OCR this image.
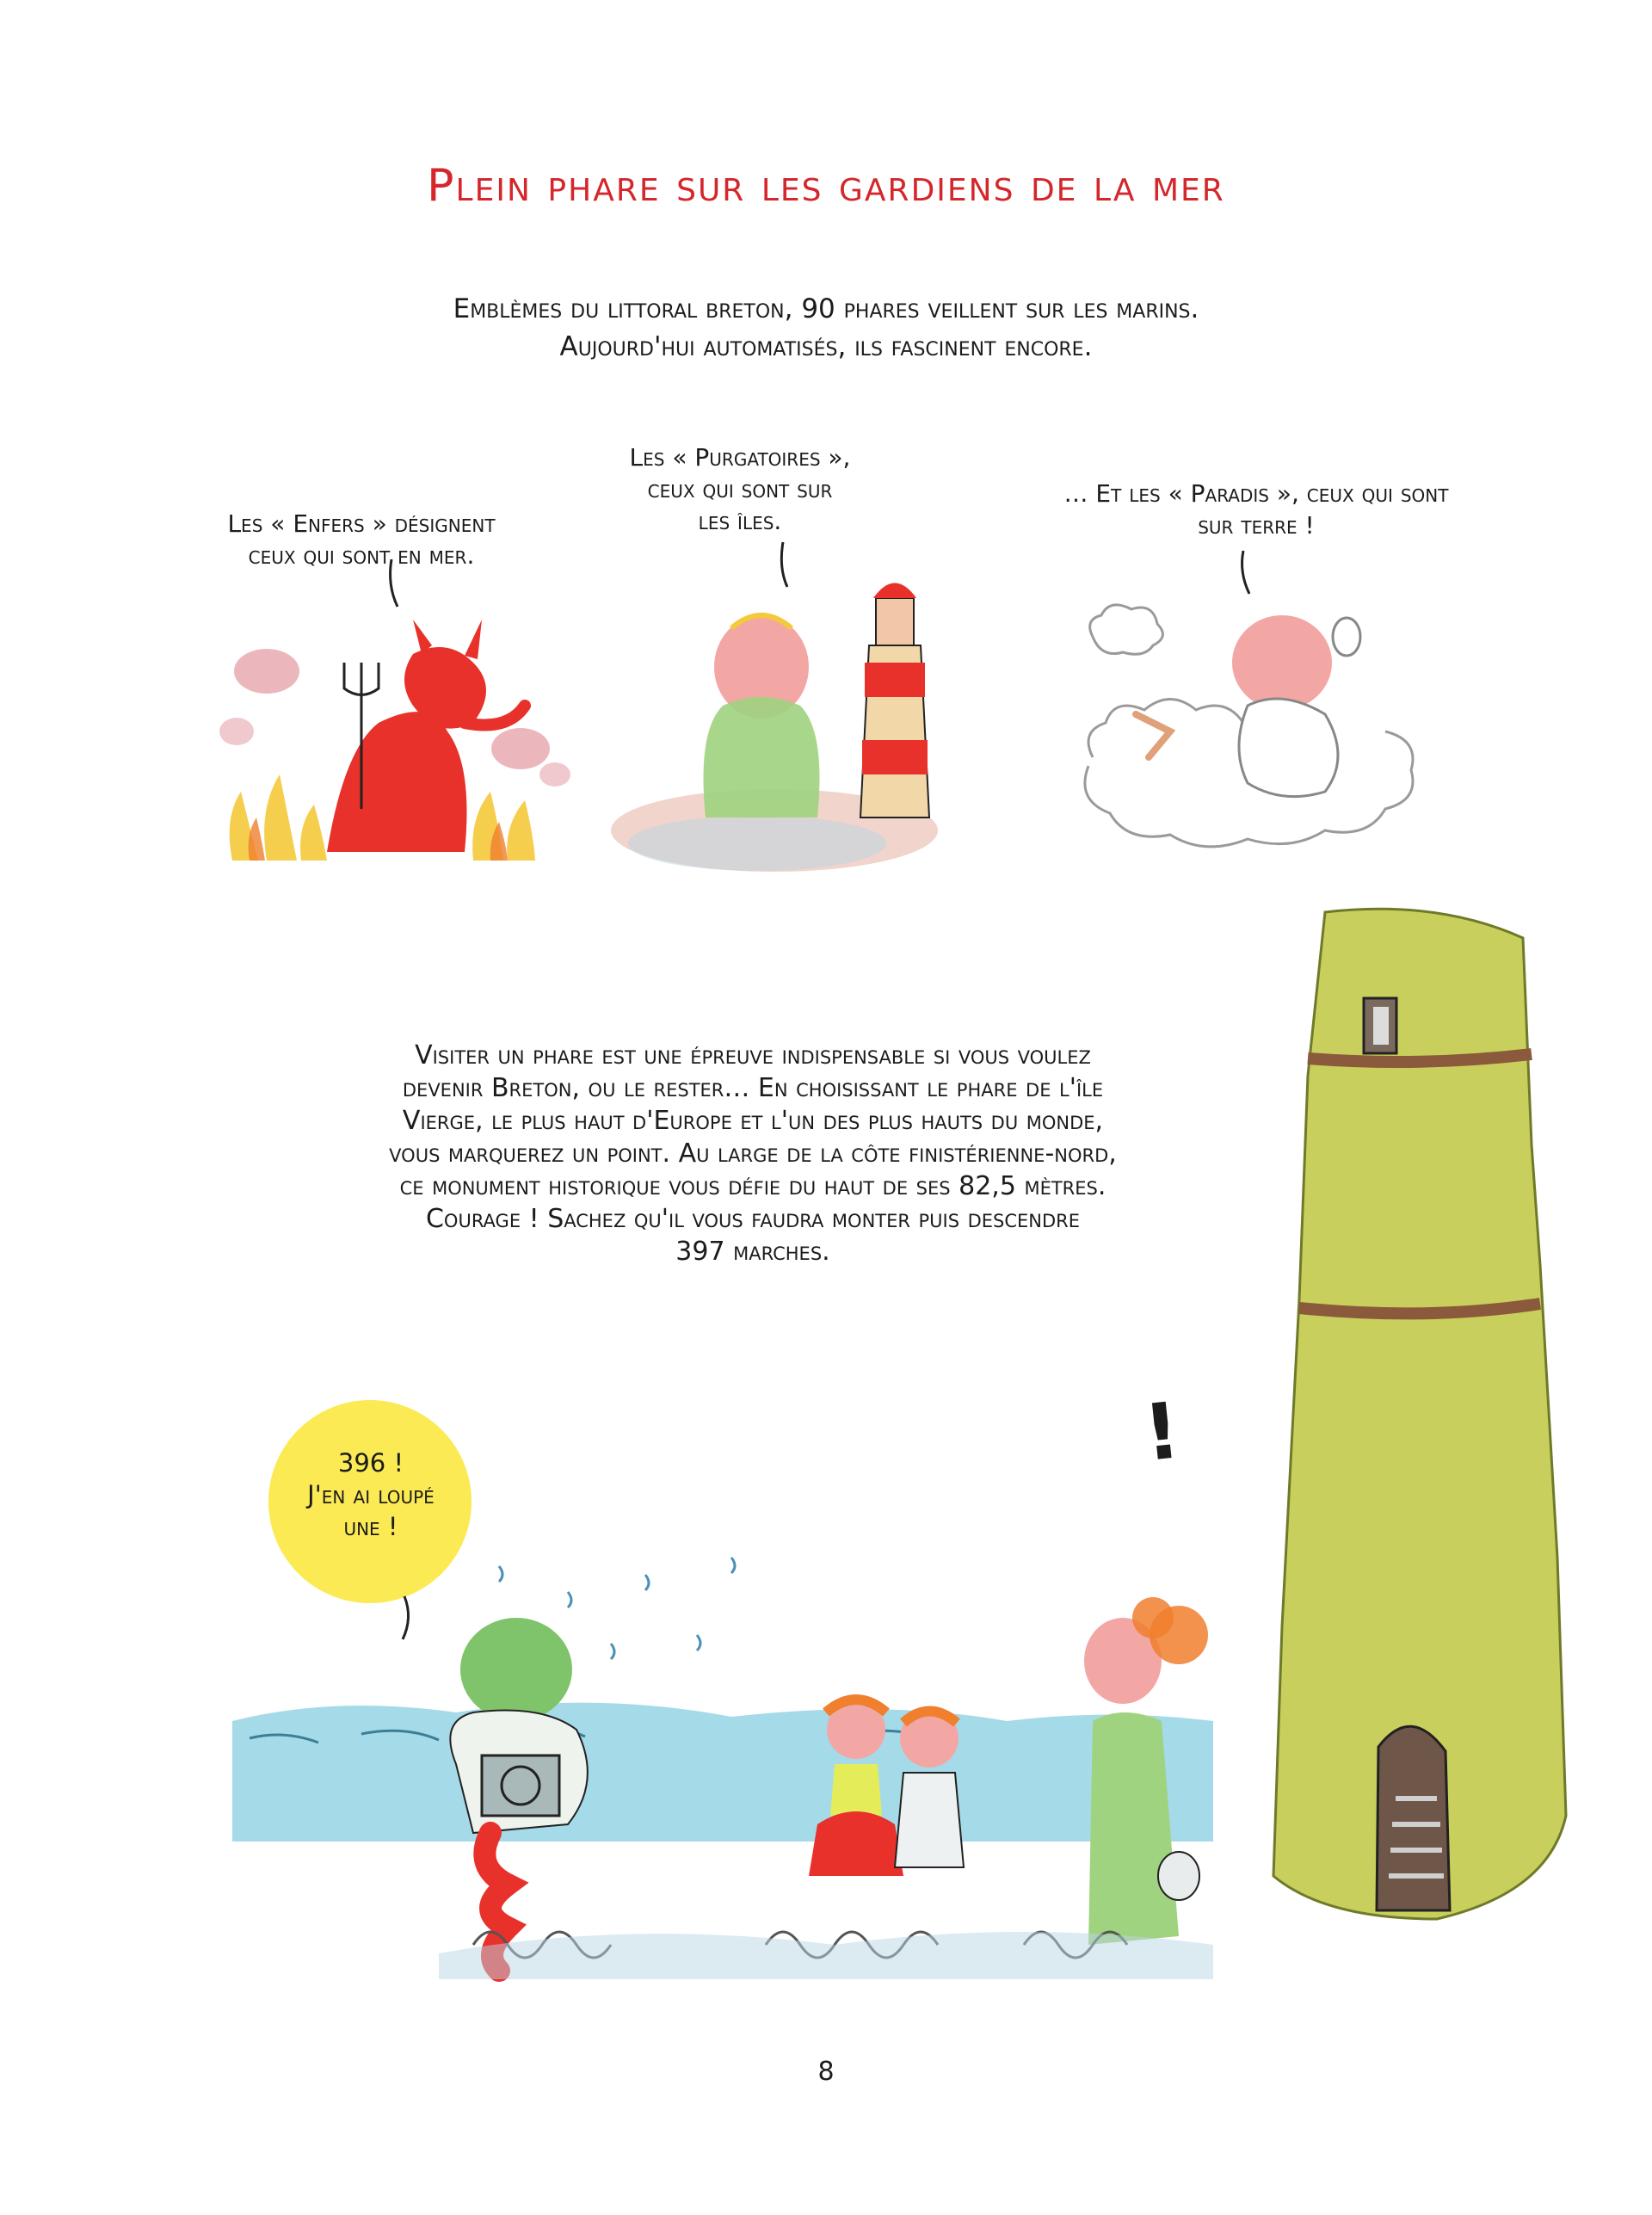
Plein phare sur les gardiens de la mer
Emblèmes du littoral breton, 90 phares veillent sur les marins.
Aujourd'hui automatisés, ils fascinent encore.
Les « Enfers » désignent
ceux qui sont en mer.
Les « Purgatoires »,
ceux qui sont sur
les îles.
… Et les « Paradis », ceux qui sont
sur terre !
Visiter un phare est une épreuve indispensable si vous voulez
devenir Breton, ou le rester… En choisissant le phare de l'île
Vierge, le plus haut d'Europe et l'un des plus hauts du monde,
vous marquerez un point. Au large de la côte finistérienne-nord,
ce monument historique vous défie du haut de ses 82,5 mètres.
Courage ! Sachez qu'il vous faudra monter puis descendre
397 marches.
!
396 !
J'en ai loupé
une !
8
